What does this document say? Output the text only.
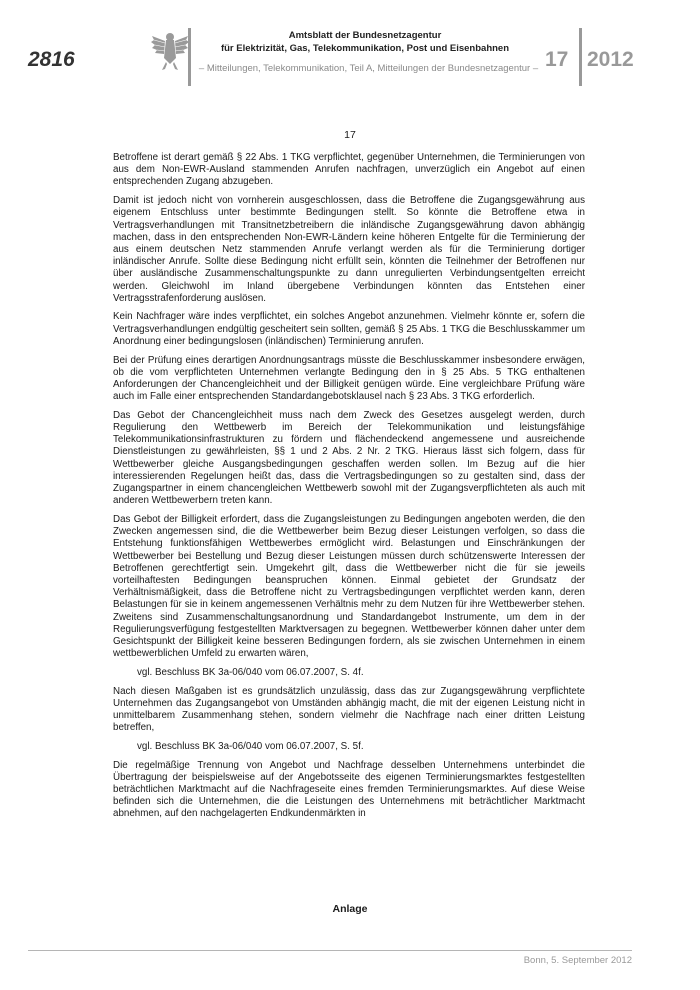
2816
Amtsblatt der Bundesnetzagentur
für Elektrizität, Gas, Telekommunikation, Post und Eisenbahnen
– Mitteilungen, Telekommunikation, Teil A, Mitteilungen der Bundesnetzagentur – 17 2012
17

Betroffene ist derart gemäß § 22 Abs. 1 TKG verpflichtet, gegenüber Unternehmen, die Terminierungen von aus dem Non-EWR-Ausland stammenden Anrufen nachfragen, unverzüglich ein Angebot auf einen entsprechenden Zugang abzugeben.

Damit ist jedoch nicht von vornherein ausgeschlossen, dass die Betroffene die Zugangsgewährung aus eigenem Entschluss unter bestimmte Bedingungen stellt. So könnte die Betroffene etwa in Vertragsverhandlungen mit Transitnetzbetreibern die inländische Zugangsgewährung davon abhängig machen, dass in den entsprechenden Non-EWR-Ländern keine höheren Entgelte für die Terminierung der aus einem deutschen Netz stammenden Anrufe verlangt werden als für die Terminierung dortiger inländischer Anrufe. Sollte diese Bedingung nicht erfüllt sein, könnten die Teilnehmer der Betroffenen nur über ausländische Zusammenschaltungspunkte zu dann unregulierten Verbindungsentgelten erreicht werden. Gleichwohl im Inland übergebene Verbindungen könnten das Entstehen einer Vertragsstrafenforderung auslösen.

Kein Nachfrager wäre indes verpflichtet, ein solches Angebot anzunehmen. Vielmehr könnte er, sofern die Vertragsverhandlungen endgültig gescheitert sein sollten, gemäß § 25 Abs. 1 TKG die Beschlusskammer um Anordnung einer bedingungslosen (inländischen) Terminierung anrufen.

Bei der Prüfung eines derartigen Anordnungsantrags müsste die Beschlusskammer insbesondere erwägen, ob die vom verpflichteten Unternehmen verlangte Bedingung den in § 25 Abs. 5 TKG enthaltenen Anforderungen der Chancengleichheit und der Billigkeit genügen würde. Eine vergleichbare Prüfung wäre auch im Falle einer entsprechenden Standardangebotsklausel nach § 23 Abs. 3 TKG erforderlich.

Das Gebot der Chancengleichheit muss nach dem Zweck des Gesetzes ausgelegt werden, durch Regulierung den Wettbewerb im Bereich der Telekommunikation und leistungsfähige Telekommunikationsinfrastrukturen zu fördern und flächendeckend angemessene und ausreichende Dienstleistungen zu gewährleisten, §§ 1 und 2 Abs. 2 Nr. 2 TKG. Hieraus lässt sich folgern, dass für Wettbewerber gleiche Ausgangsbedingungen geschaffen werden sollen. Im Bezug auf die hier interessierenden Regelungen heißt das, dass die Vertragsbedingungen so zu gestalten sind, dass der Zugangspartner in einem chancengleichen Wettbewerb sowohl mit der Zugangsverpflichteten als auch mit anderen Wettbewerbern treten kann.

Das Gebot der Billigkeit erfordert, dass die Zugangsleistungen zu Bedingungen angeboten werden, die den Zwecken angemessen sind, die die Wettbewerber beim Bezug dieser Leistungen verfolgen, so dass die Entstehung funktionsfähigen Wettbewerbes ermöglicht wird. Belastungen und Einschränkungen der Wettbewerber bei Bestellung und Bezug dieser Leistungen müssen durch schützenswerte Interessen der Betroffenen gerechtfertigt sein. Umgekehrt gilt, dass die Wettbewerber nicht die für sie jeweils vorteilhaftesten Bedingungen beanspruchen können. Einmal gebietet der Grundsatz der Verhältnismäßigkeit, dass die Betroffene nicht zu Vertragsbedingungen verpflichtet werden kann, deren Belastungen für sie in keinem angemessenen Verhältnis mehr zu dem Nutzen für ihre Wettbewerber stehen. Zweitens sind Zusammenschaltungsanordnung und Standardangebot Instrumente, um dem in der Regulierungsverfügung festgestellten Marktversagen zu begegnen. Wettbewerber können daher unter dem Gesichtspunkt der Billigkeit keine besseren Bedingungen fordern, als sie zwischen Unternehmen in einem wettbewerblichen Umfeld zu erwarten wären,

vgl. Beschluss BK 3a-06/040 vom 06.07.2007, S. 4f.

Nach diesen Maßgaben ist es grundsätzlich unzulässig, dass das zur Zugangsgewährung verpflichtete Unternehmen das Zugangsangebot von Umständen abhängig macht, die mit der eigenen Leistung nicht in unmittelbarem Zusammenhang stehen, sondern vielmehr die Nachfrage nach einer dritten Leistung betreffen,

vgl. Beschluss BK 3a-06/040 vom 06.07.2007, S. 5f.

Die regelmäßige Trennung von Angebot und Nachfrage desselben Unternehmens unterbindet die Übertragung der beispielsweise auf der Angebotsseite des eigenen Terminierungsmarktes festgestellten beträchtlichen Marktmacht auf die Nachfrageseite eines fremden Terminierungsmarktes. Auf diese Weise befinden sich die Unternehmen, die die Leistungen des Unternehmens mit beträchtlicher Marktmacht abnehmen, auf den nachgelagerten Endkundenmärkten in

Anlage
Bonn, 5. September 2012
